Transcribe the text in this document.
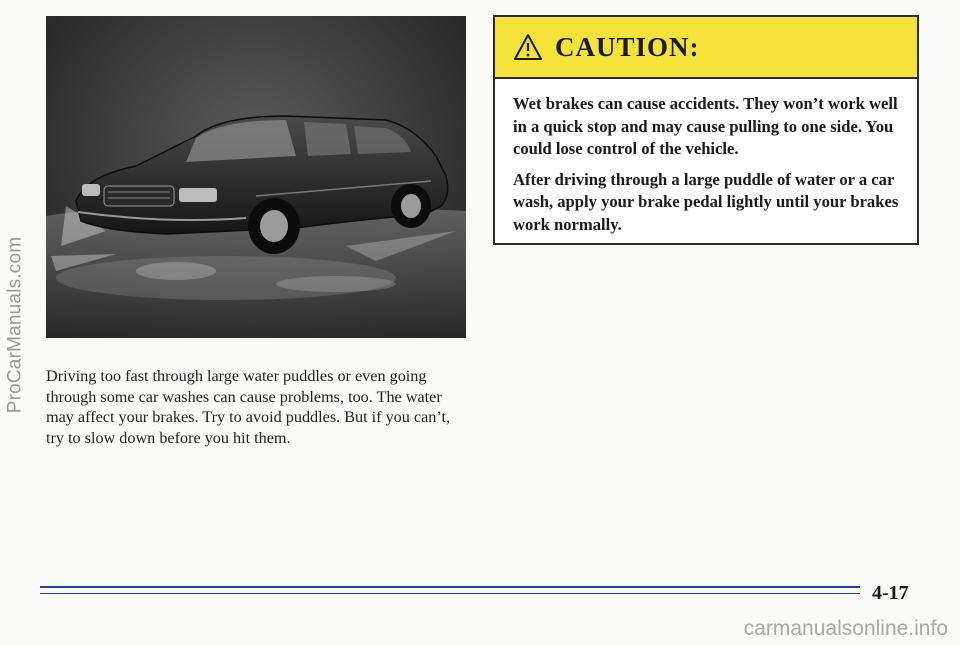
ProCarManuals.com Driving too fast through large water puddles or even going through some car washes can cause problems, too. The water may affect your brakes. Try to avoid puddles. But if you can’t, try to slow down before you hit them.
CAUTION:

Wet brakes can cause accidents. They won’t work well in a quick stop and may cause pulling to one side. You could lose control of the vehicle.

After driving through a large puddle of water or a car wash, apply your brake pedal lightly until your brakes work normally.

4-17
carmanualsonline.info
